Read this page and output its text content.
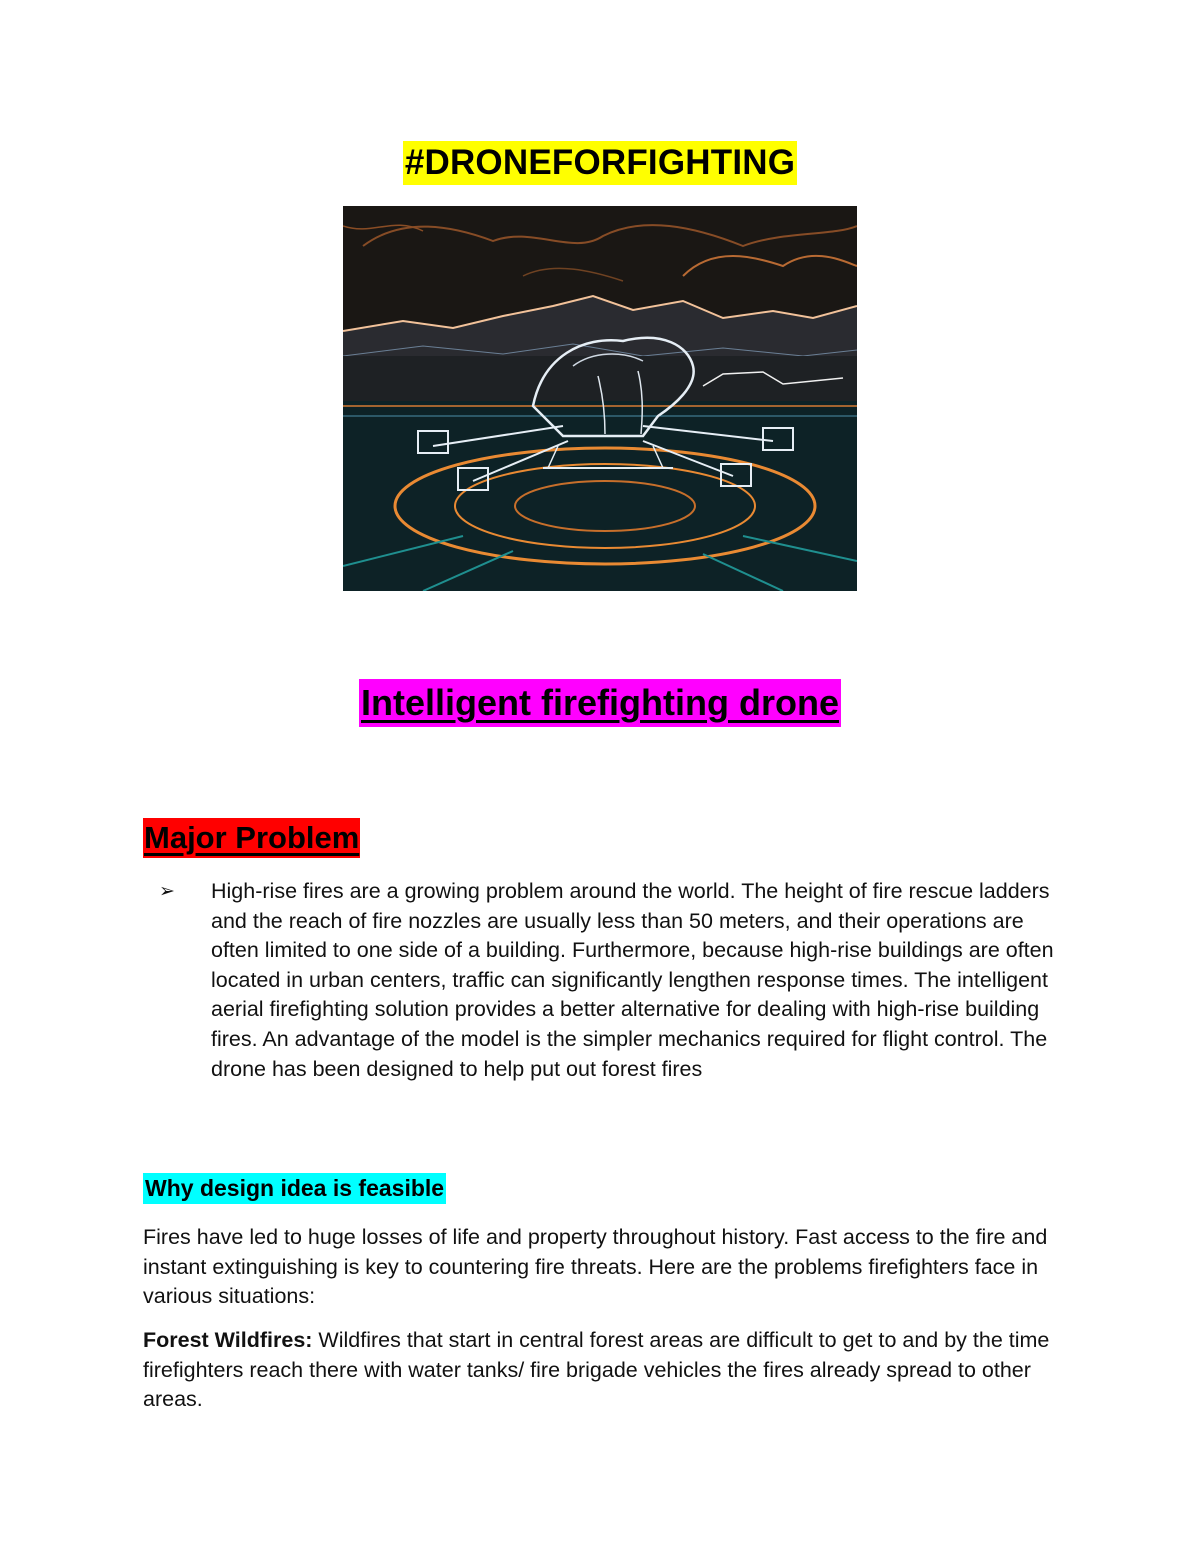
#DRONEFORFIGHTING
Intelligent firefighting drone
Major Problem
➢ High-rise fires are a growing problem around the world. The height of fire rescue ladders and the reach of fire nozzles are usually less than 50 meters, and their operations are often limited to one side of a building. Furthermore, because high-rise buildings are often located in urban centers, traffic can significantly lengthen response times. The intelligent aerial firefighting solution provides a better alternative for dealing with high-rise building fires. An advantage of the model is the simpler mechanics required for flight control. The drone has been designed to help put out forest fires
Why design idea is feasible

Fires have led to huge losses of life and property throughout history. Fast access to the fire and instant extinguishing is key to countering fire threats. Here are the problems firefighters face in various situations:

Forest Wildfires: Wildfires that start in central forest areas are difficult to get to and by the time firefighters reach there with water tanks/ fire brigade vehicles the fires already spread to other areas.
